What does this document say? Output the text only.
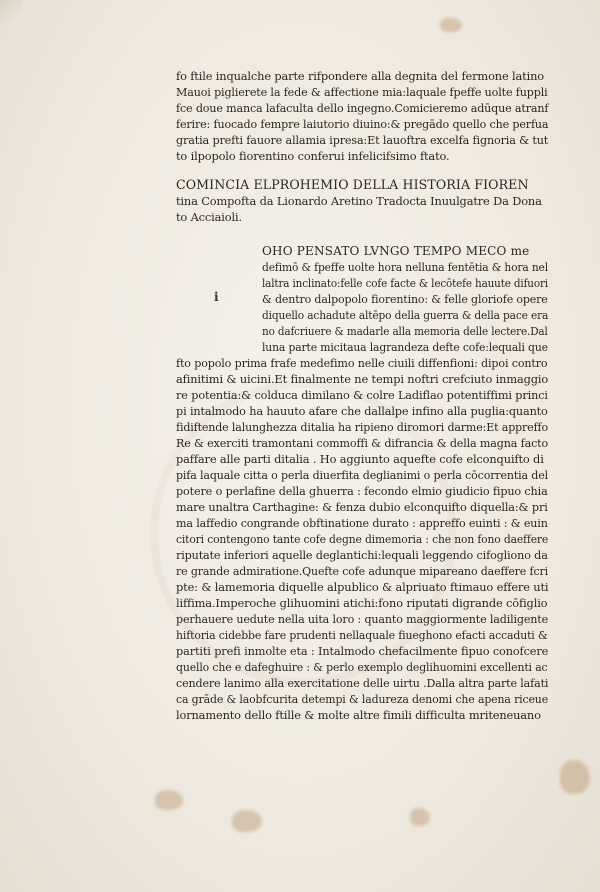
fo ftile inqualche parte rifpondere alla degnita del fermone latino
Mauoi piglierete la fede & affectione mia:laquale fpeffe uolte fuppli
fce doue manca lafaculta dello ingegno.Comicieremo adūque atranf
ferire: fuocado fempre laiutorio diuino:& pregādo quello che perfua
gratia prefti fauore allamia ipresa:Et lauoftra excelfa fignoria & tut
to ilpopolo fiorentino conferui infelicifsimo ftato.
COMINCIA ELPROHEMIO DELLA HISTORIA FIOREN
tina Compofta da Lionardo Aretino Tradocta Inuulgatre Da Dona
to Acciaioli.
i
OHO PENSATO LVNGO TEMPO MECO me
defimō & fpeffe uolte hora nelluna fentētia & hora nel
laltra inclinato:felle cofe facte & lecōtefe hauute difuori
& dentro dalpopolo fiorentino: & felle gloriofe opere
diquello achadute altēpo della guerra & della pace era
no dafcriuere & madarle alla memoria delle lectere.Dal
luna parte micitaua lagrandeza defte cofe:lequali que
fto popolo prima frafe medefimo nelle ciuili diffenfioni: dipoi contro
afinitimi & uicini.Et finalmente ne tempi noftri crefciuto inmaggio
re potentia:& colduca dimilano & colre Ladiflao potentiffimi princi
pi intalmodo ha hauuto afare che dallalpe infino alla puglia:quanto
fidiftende lalunghezza ditalia ha ripieno diromori darme:Et appreffo
Re & exerciti tramontani commoffi & difrancia & della magna facto
paffare alle parti ditalia . Ho aggiunto aquefte cofe elconquifto di
pifa laquale citta o perla diuerfita deglianimi o perla cōcorrentia del
potere o perlafine della ghuerra : fecondo elmio giudicio fipuo chia
mare unaltra Carthagine: & fenza dubio elconquifto diquella:& pri
ma laffedio congrande obftinatione durato : appreffo euinti : & euin
citori contengono tante cofe degne dimemoria : che non fono daeffere
riputate inferiori aquelle deglantichi:lequali leggendo cifogliono da
re grande admiratione.Quefte cofe adunque mipareano daeffere fcri
pte: & lamemoria diquelle alpublico & alpriuato ftimauo effere uti
liffima.Imperoche glihuomini atichi:fono riputati digrande cōfiglio
perhauere uedute nella uita loro : quanto maggiormente ladiligente
hiftoria cidebbe fare prudenti nellaquale fiueghono efacti accaduti &
partiti prefi inmolte eta : Intalmodo chefacilmente fipuo conofcere
quello che e dafeghuire : & perlo exemplo deglihuomini excellenti ac
cendere lanimo alla exercitatione delle uirtu .Dalla altra parte lafati
ca grāde & laobfcurita detempi & ladureza denomi che apena riceue
lornamento dello ftille & molte altre fimili difficulta mriteneuano
